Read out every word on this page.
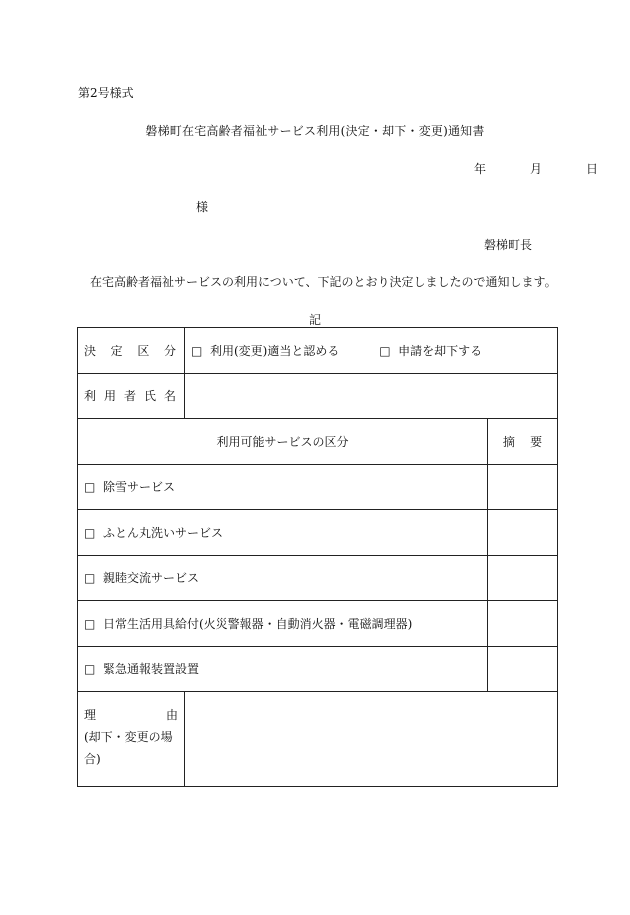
第2号様式
磐梯町在宅高齢者福祉サービス利用(決定・却下・変更)通知書
年	月	日
様
磐梯町長
在宅高齢者福祉サービスの利用について、下記のとおり決定しましたので通知します。
記
決 定 区 分	□ 利用(変更)適当と認める □ 申請を却下する	

利 用 者 氏 名		

利用可能サービスの区分		摘 要
□ 除雪サービス		
□ ふとん丸洗いサービス		
□ 親睦交流サービス		
□ 日常生活用具給付(火災警報器・自動消火器・電磁調理器)		
□ 緊急通報装置設置		

理 由
(却下・変更の場
合)		
